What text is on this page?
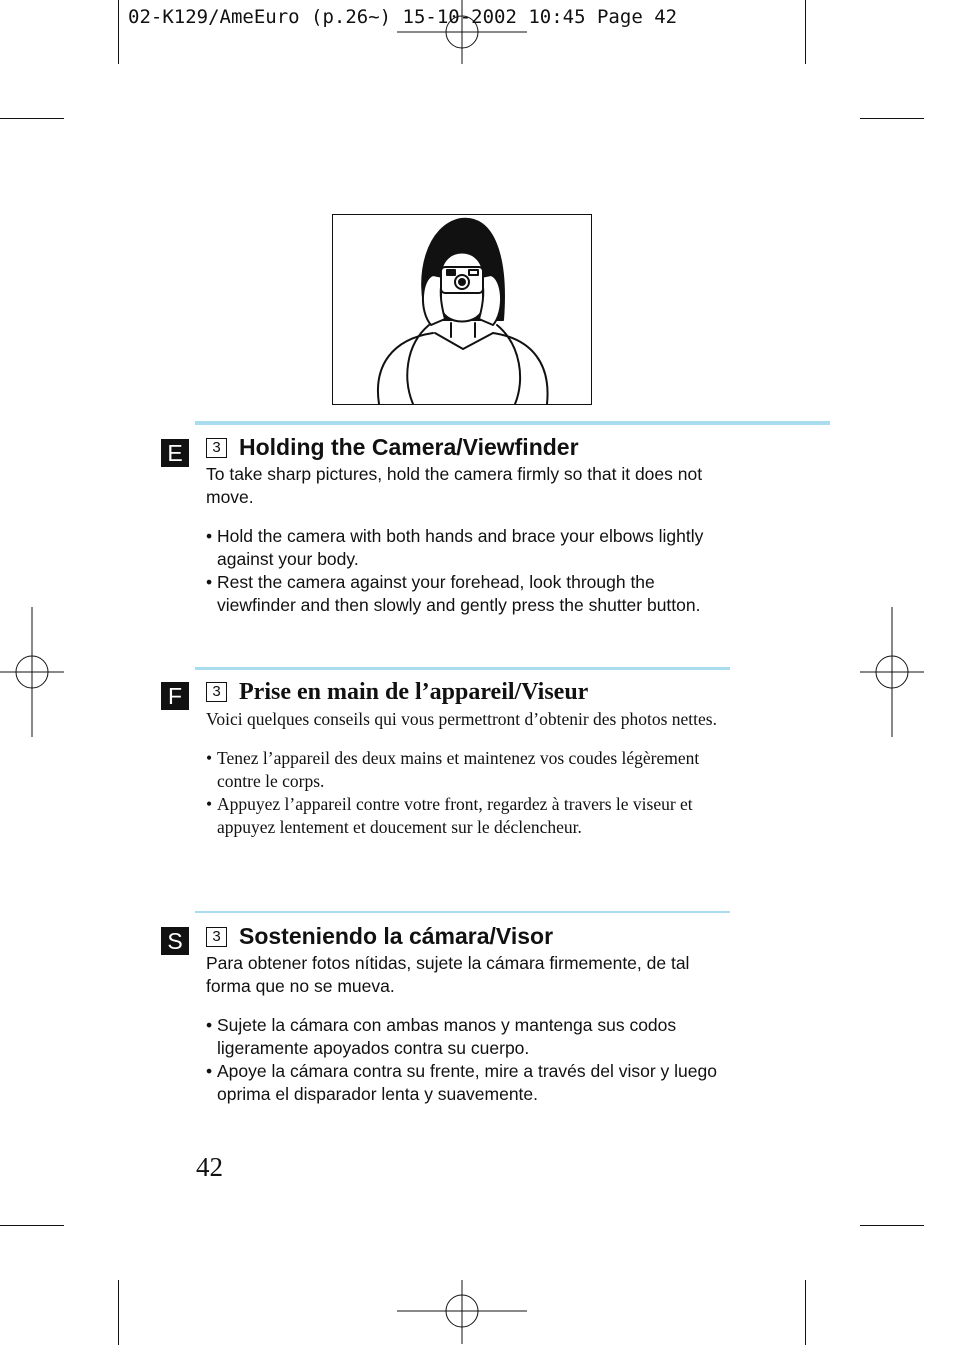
02-K129/AmeEuro (p.26~) 15-10-2002 10:45 Page 42
E	3 Holding the Camera/Viewfinder

To take sharp pictures, hold the camera firmly so that it does not move.

• Hold the camera with both hands and brace your elbows lightly against your body.
• Rest the camera against your forehead, look through the viewfinder and then slowly and gently press the shutter button.
F	3 Prise en main de l’appareil/Viseur

Voici quelques conseils qui vous permettront d’obtenir des photos nettes.

• Tenez l’appareil des deux mains et maintenez vos coudes légèrement contre le corps.
• Appuyez l’appareil contre votre front, regardez à travers le viseur et appuyez lentement et doucement sur le déclencheur.
S	3 Sosteniendo la cámara/Visor

Para obtener fotos nítidas, sujete la cámara firmemente, de tal forma que no se mueva.

• Sujete la cámara con ambas manos y mantenga sus codos ligeramente apoyados contra su cuerpo.
• Apoye la cámara contra su frente, mire a través del visor y luego oprima el disparador lenta y suavemente.
42
